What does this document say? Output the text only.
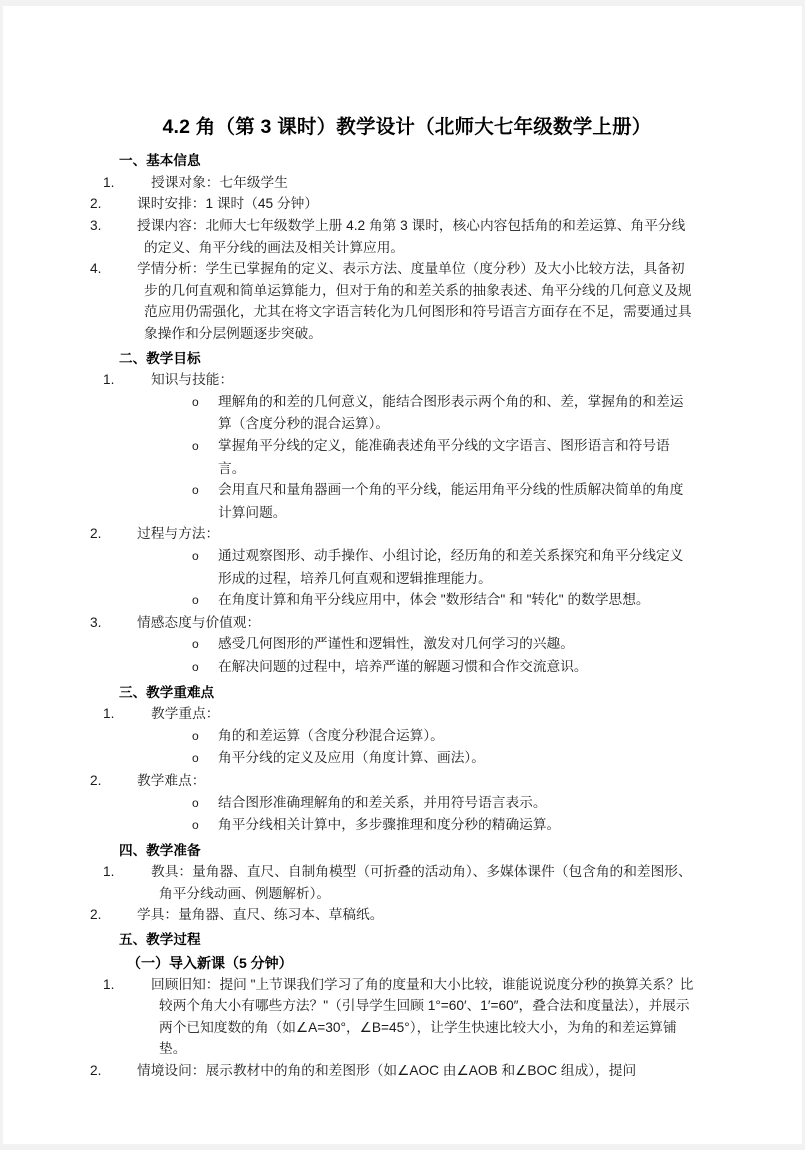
4.2 角（第 3 课时）教学设计（北师大七年级数学上册）
一、基本信息
1.	授课对象：七年级学生
2.	课时安排：1 课时（45 分钟）
3.	授课内容：北师大七年级数学上册 4.2 角第 3 课时，核心内容包括角的和差运算、角平分线的定义、角平分线的画法及相关计算应用。
4.	学情分析：学生已掌握角的定义、表示方法、度量单位（度分秒）及大小比较方法，具备初步的几何直观和简单运算能力，但对于角的和差关系的抽象表述、角平分线的几何意义及规范应用仍需强化，尤其在将文字语言转化为几何图形和符号语言方面存在不足，需要通过具象操作和分层例题逐步突破。
二、教学目标
1.	知识与技能：
o 理解角的和差的几何意义，能结合图形表示两个角的和、差，掌握角的和差运算（含度分秒的混合运算）。
o 掌握角平分线的定义，能准确表述角平分线的文字语言、图形语言和符号语言。
o 会用直尺和量角器画一个角的平分线，能运用角平分线的性质解决简单的角度计算问题。
2.	过程与方法：
o 通过观察图形、动手操作、小组讨论，经历角的和差关系探究和角平分线定义形成的过程，培养几何直观和逻辑推理能力。
o 在角度计算和角平分线应用中，体会 "数形结合" 和 "转化" 的数学思想。
3.	情感态度与价值观：
o 感受几何图形的严谨性和逻辑性，激发对几何学习的兴趣。
o 在解决问题的过程中，培养严谨的解题习惯和合作交流意识。
三、教学重难点
1.	教学重点：
o 角的和差运算（含度分秒混合运算）。
o 角平分线的定义及应用（角度计算、画法）。
2.	教学难点：
o 结合图形准确理解角的和差关系，并用符号语言表示。
o 角平分线相关计算中，多步骤推理和度分秒的精确运算。
四、教学准备
1.	教具：量角器、直尺、自制角模型（可折叠的活动角）、多媒体课件（包含角的和差图形、角平分线动画、例题解析）。
2.	学具：量角器、直尺、练习本、草稿纸。
五、教学过程
（一）导入新课（5 分钟）
1.	回顾旧知：提问 "上节课我们学习了角的度量和大小比较，谁能说说度分秒的换算关系？比较两个角大小有哪些方法？"（引导学生回顾 1°=60′、1′=60″，叠合法和度量法），并展示两个已知度数的角（如∠A=30°，∠B=45°），让学生快速比较大小，为角的和差运算铺垫。
2.	情境设问：展示教材中的角的和差图形（如∠AOC 由∠AOB 和∠BOC 组成），提问
